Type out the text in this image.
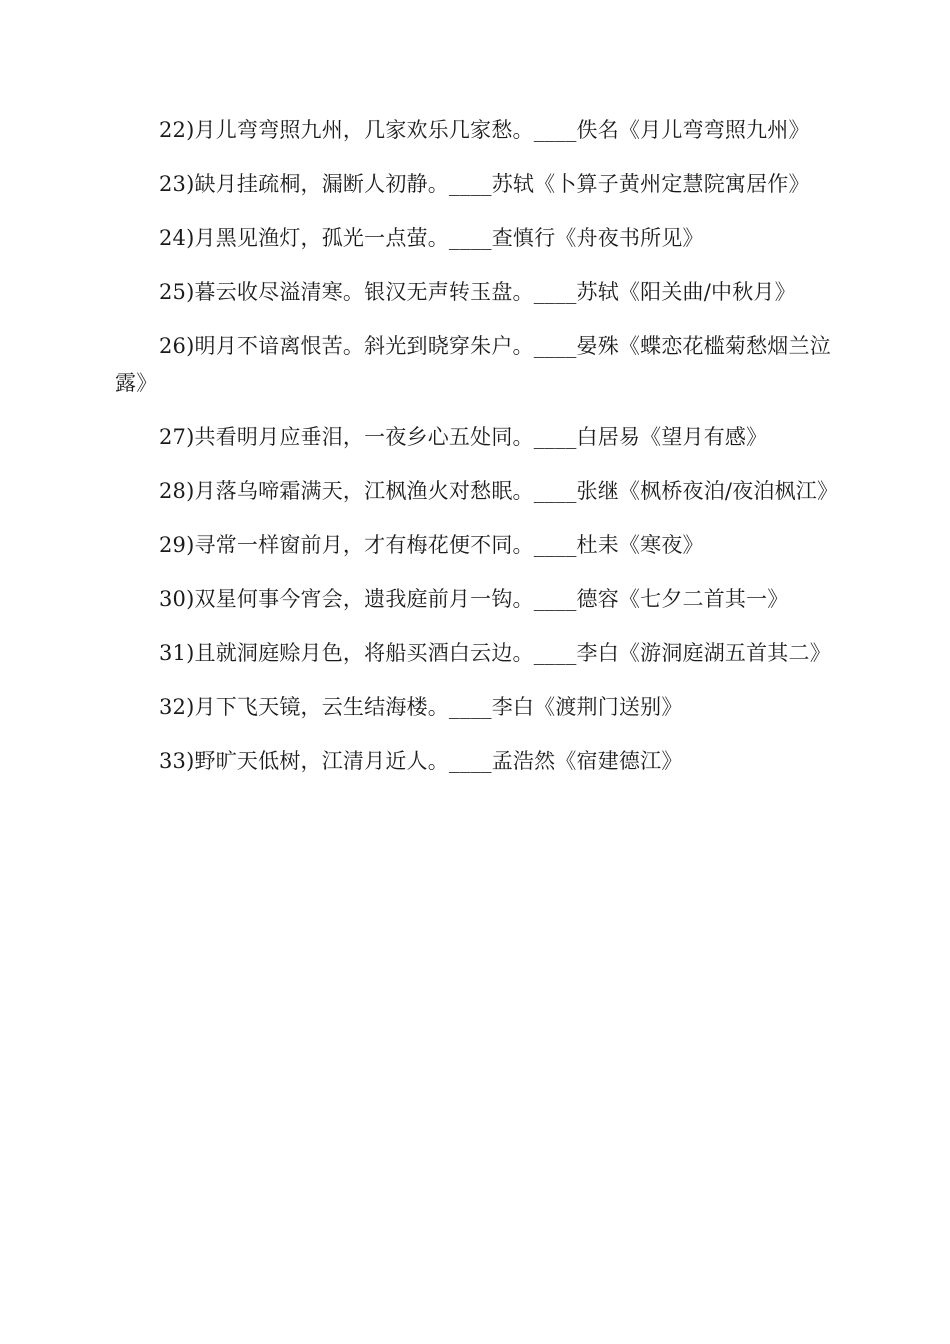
22)月儿弯弯照九州，几家欢乐几家愁。____佚名《月儿弯弯照九州》

23)缺月挂疏桐，漏断人初静。____苏轼《卜算子黄州定慧院寓居作》

24)月黑见渔灯，孤光一点萤。____查慎行《舟夜书所见》

25)暮云收尽溢清寒。银汉无声转玉盘。____苏轼《阳关曲/中秋月》

26)明月不谙离恨苦。斜光到晓穿朱户。____晏殊《蝶恋花槛菊愁烟兰泣露》

27)共看明月应垂泪，一夜乡心五处同。____白居易《望月有感》

28)月落乌啼霜满天，江枫渔火对愁眠。____张继《枫桥夜泊/夜泊枫江》

29)寻常一样窗前月，才有梅花便不同。____杜耒《寒夜》

30)双星何事今宵会，遗我庭前月一钩。____德容《七夕二首其一》

31)且就洞庭赊月色，将船买酒白云边。____李白《游洞庭湖五首其二》

32)月下飞天镜，云生结海楼。____李白《渡荆门送别》

33)野旷天低树，江清月近人。____孟浩然《宿建德江》
